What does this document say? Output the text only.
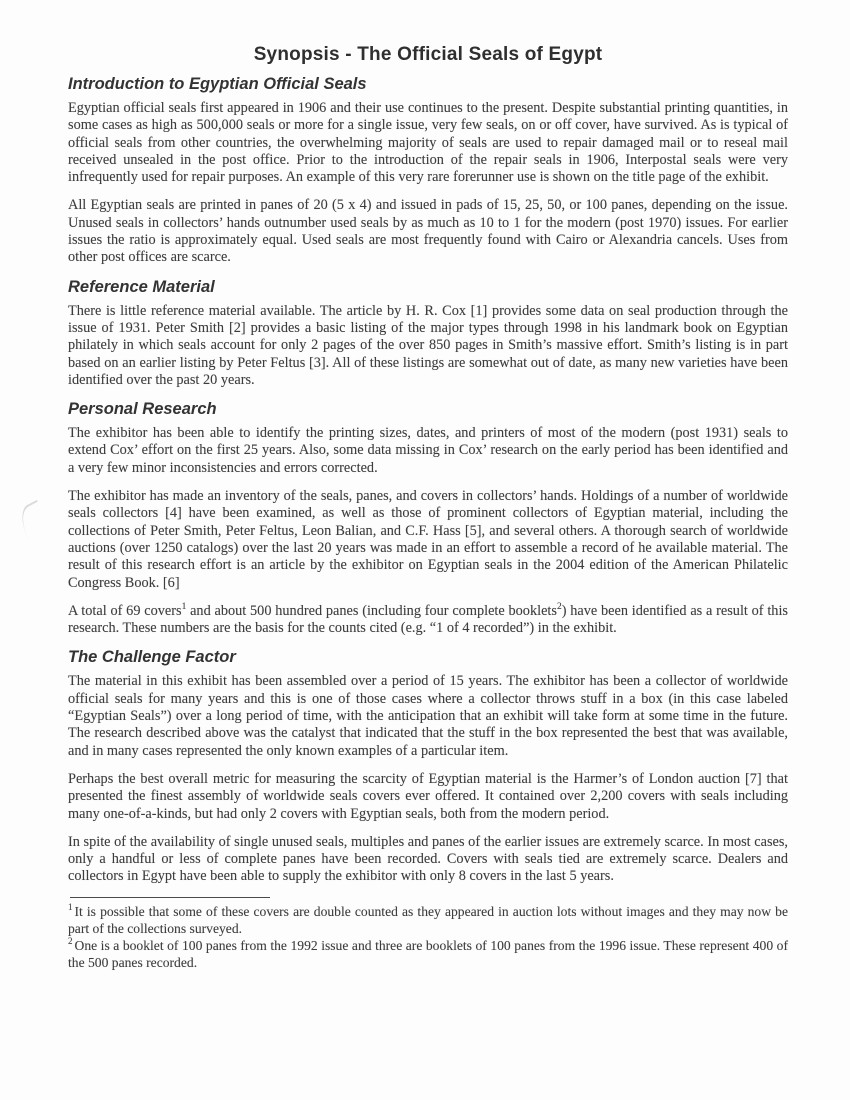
Synopsis - The Official Seals of Egypt
Introduction to Egyptian Official Seals

Egyptian official seals first appeared in 1906 and their use continues to the present. Despite substantial printing quantities, in some cases as high as 500,000 seals or more for a single issue, very few seals, on or off cover, have survived. As is typical of official seals from other countries, the overwhelming majority of seals are used to repair damaged mail or to reseal mail received unsealed in the post office. Prior to the introduction of the repair seals in 1906, Interpostal seals were very infrequently used for repair purposes. An example of this very rare forerunner use is shown on the title page of the exhibit.

All Egyptian seals are printed in panes of 20 (5 x 4) and issued in pads of 15, 25, 50, or 100 panes, depending on the issue. Unused seals in collectors’ hands outnumber used seals by as much as 10 to 1 for the modern (post 1970) issues. For earlier issues the ratio is approximately equal. Used seals are most frequently found with Cairo or Alexandria cancels. Uses from other post offices are scarce.

Reference Material

There is little reference material available. The article by H. R. Cox [1] provides some data on seal production through the issue of 1931. Peter Smith [2] provides a basic listing of the major types through 1998 in his landmark book on Egyptian philately in which seals account for only 2 pages of the over 850 pages in Smith’s massive effort. Smith’s listing is in part based on an earlier listing by Peter Feltus [3]. All of these listings are somewhat out of date, as many new varieties have been identified over the past 20 years.

Personal Research

The exhibitor has been able to identify the printing sizes, dates, and printers of most of the modern (post 1931) seals to extend Cox’ effort on the first 25 years. Also, some data missing in Cox’ research on the early period has been identified and a very few minor inconsistencies and errors corrected.

The exhibitor has made an inventory of the seals, panes, and covers in collectors’ hands. Holdings of a number of worldwide seals collectors [4] have been examined, as well as those of prominent collectors of Egyptian material, including the collections of Peter Smith, Peter Feltus, Leon Balian, and C.F. Hass [5], and several others. A thorough search of worldwide auctions (over 1250 catalogs) over the last 20 years was made in an effort to assemble a record of he available material. The result of this research effort is an article by the exhibitor on Egyptian seals in the 2004 edition of the American Philatelic Congress Book. [6]

A total of 69 covers$^1$ and about 500 hundred panes (including four complete booklets$^2$) have been identified as a result of this research. These numbers are the basis for the counts cited (e.g. “1 of 4 recorded”) in the exhibit.

The Challenge Factor

The material in this exhibit has been assembled over a period of 15 years. The exhibitor has been a collector of worldwide official seals for many years and this is one of those cases where a collector throws stuff in a box (in this case labeled “Egyptian Seals”) over a long period of time, with the anticipation that an exhibit will take form at some time in the future. The research described above was the catalyst that indicated that the stuff in the box represented the best that was available, and in many cases represented the only known examples of a particular item.

Perhaps the best overall metric for measuring the scarcity of Egyptian material is the Harmer’s of London auction [7] that presented the finest assembly of worldwide seals covers ever offered. It contained over 2,200 covers with seals including many one-of-a-kinds, but had only 2 covers with Egyptian seals, both from the modern period.

In spite of the availability of single unused seals, multiples and panes of the earlier issues are extremely scarce. In most cases, only a handful or less of complete panes have been recorded. Covers with seals tied are extremely scarce. Dealers and collectors in Egypt have been able to supply the exhibitor with only 8 covers in the last 5 years.

$^1$ It is possible that some of these covers are double counted as they appeared in auction lots without images and they may now be part of the collections surveyed.

$^2$ One is a booklet of 100 panes from the 1992 issue and three are booklets of 100 panes from the 1996 issue. These represent 400 of the 500 panes recorded.
